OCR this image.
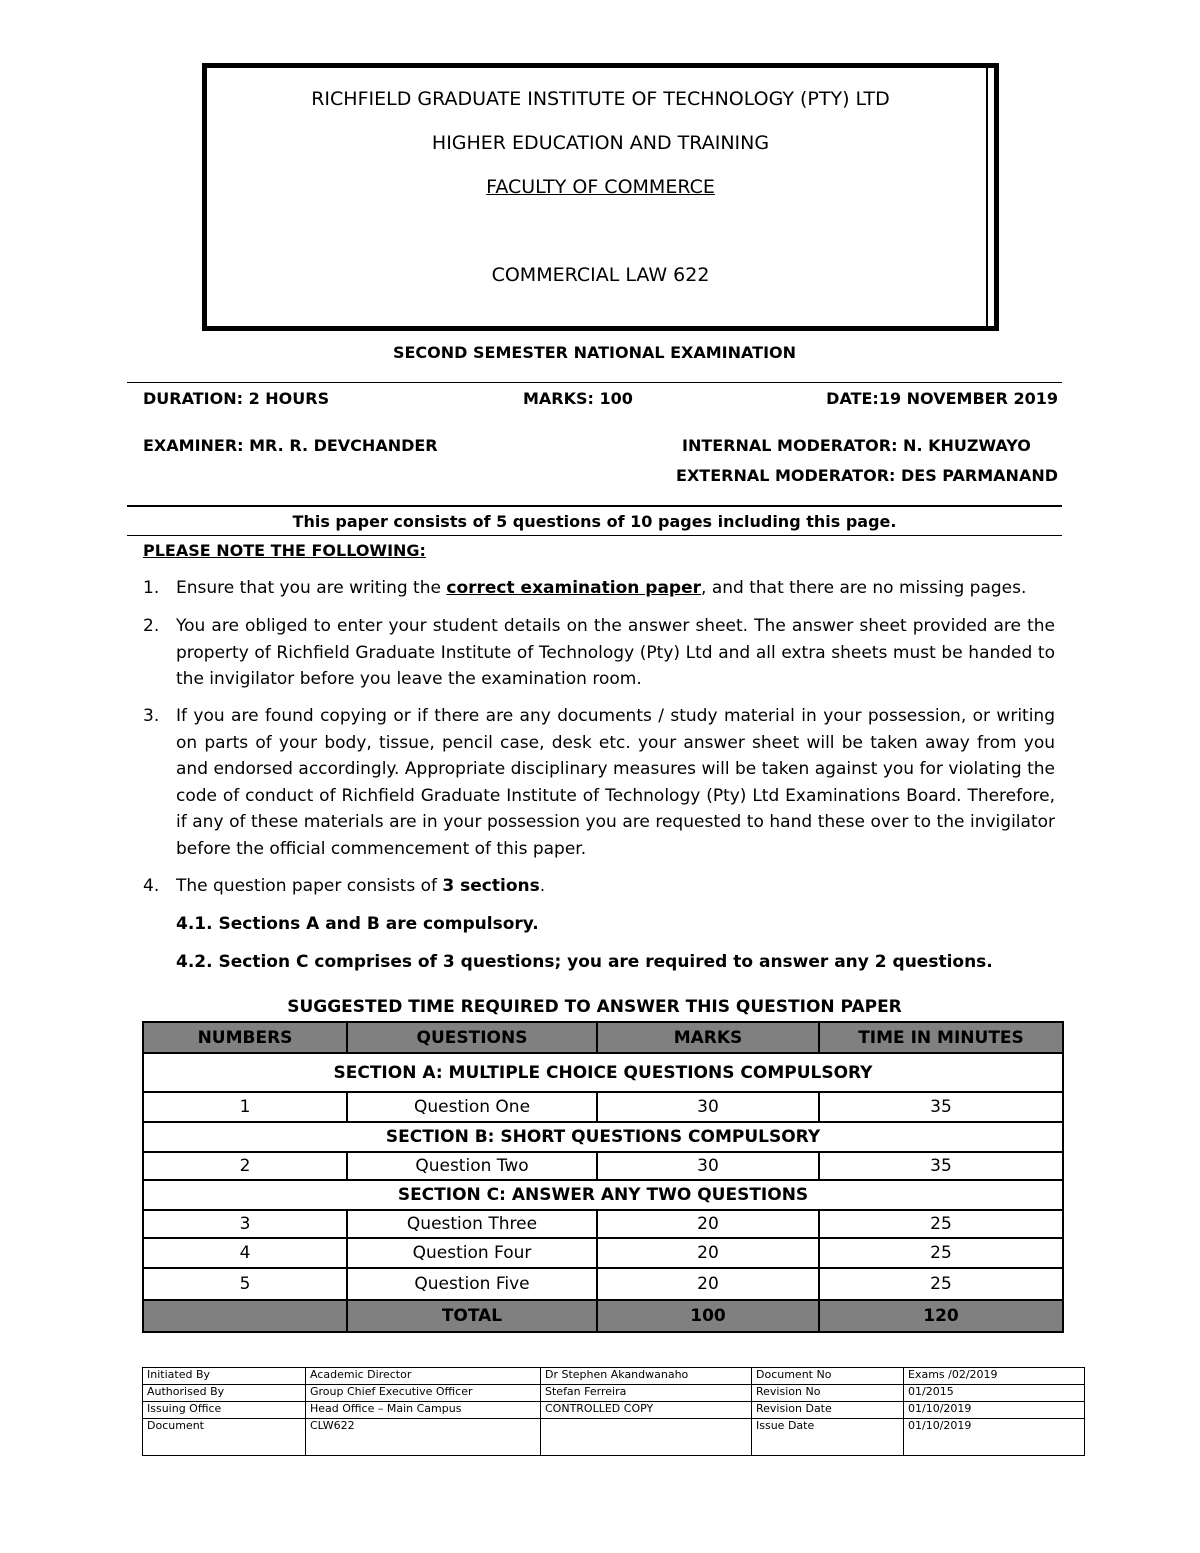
RICHFIELD GRADUATE INSTITUTE OF TECHNOLOGY (PTY) LTD
HIGHER EDUCATION AND TRAINING
FACULTY OF COMMERCE
COMMERCIAL LAW 622
SECOND SEMESTER NATIONAL EXAMINATION
DURATION: 2 HOURS	MARKS: 100	DATE:19 NOVEMBER 2019
EXAMINER: MR. R. DEVCHANDER	INTERNAL MODERATOR: N. KHUZWAYO
EXTERNAL MODERATOR: DES PARMANAND
This paper consists of 5 questions of 10 pages including this page.
PLEASE NOTE THE FOLLOWING:
1. Ensure that you are writing the correct examination paper, and that there are no missing pages.
2. You are obliged to enter your student details on the answer sheet. The answer sheet provided are the property of Richfield Graduate Institute of Technology (Pty) Ltd and all extra sheets must be handed to the invigilator before you leave the examination room.
3. If you are found copying or if there are any documents / study material in your possession, or writing on parts of your body, tissue, pencil case, desk etc. your answer sheet will be taken away from you and endorsed accordingly. Appropriate disciplinary measures will be taken against you for violating the code of conduct of Richfield Graduate Institute of Technology (Pty) Ltd Examinations Board. Therefore, if any of these materials are in your possession you are requested to hand these over to the invigilator before the official commencement of this paper.
4. The question paper consists of 3 sections.
4.1. Sections A and B are compulsory.
4.2. Section C comprises of 3 questions; you are required to answer any 2 questions.
SUGGESTED TIME REQUIRED TO ANSWER THIS QUESTION PAPER
NUMBERS	QUESTIONS	MARKS	TIME IN MINUTES
SECTION A: MULTIPLE CHOICE QUESTIONS COMPULSORY			
1	Question One	30	35
SECTION B: SHORT QUESTIONS COMPULSORY			
2	Question Two	30	35
SECTION C: ANSWER ANY TWO QUESTIONS			
3	Question Three	20	25
4	Question Four	20	25
5	Question Five	20	25
	TOTAL	100	120
Initiated By	Academic Director	Dr Stephen Akandwanaho	Document No	Exams /02/2019
Authorised By	Group Chief Executive Officer	Stefan Ferreira	Revision No	01/2015
Issuing Office	Head Office – Main Campus	CONTROLLED COPY	Revision Date	01/10/2019
Document	CLW622		Issue Date	01/10/2019
